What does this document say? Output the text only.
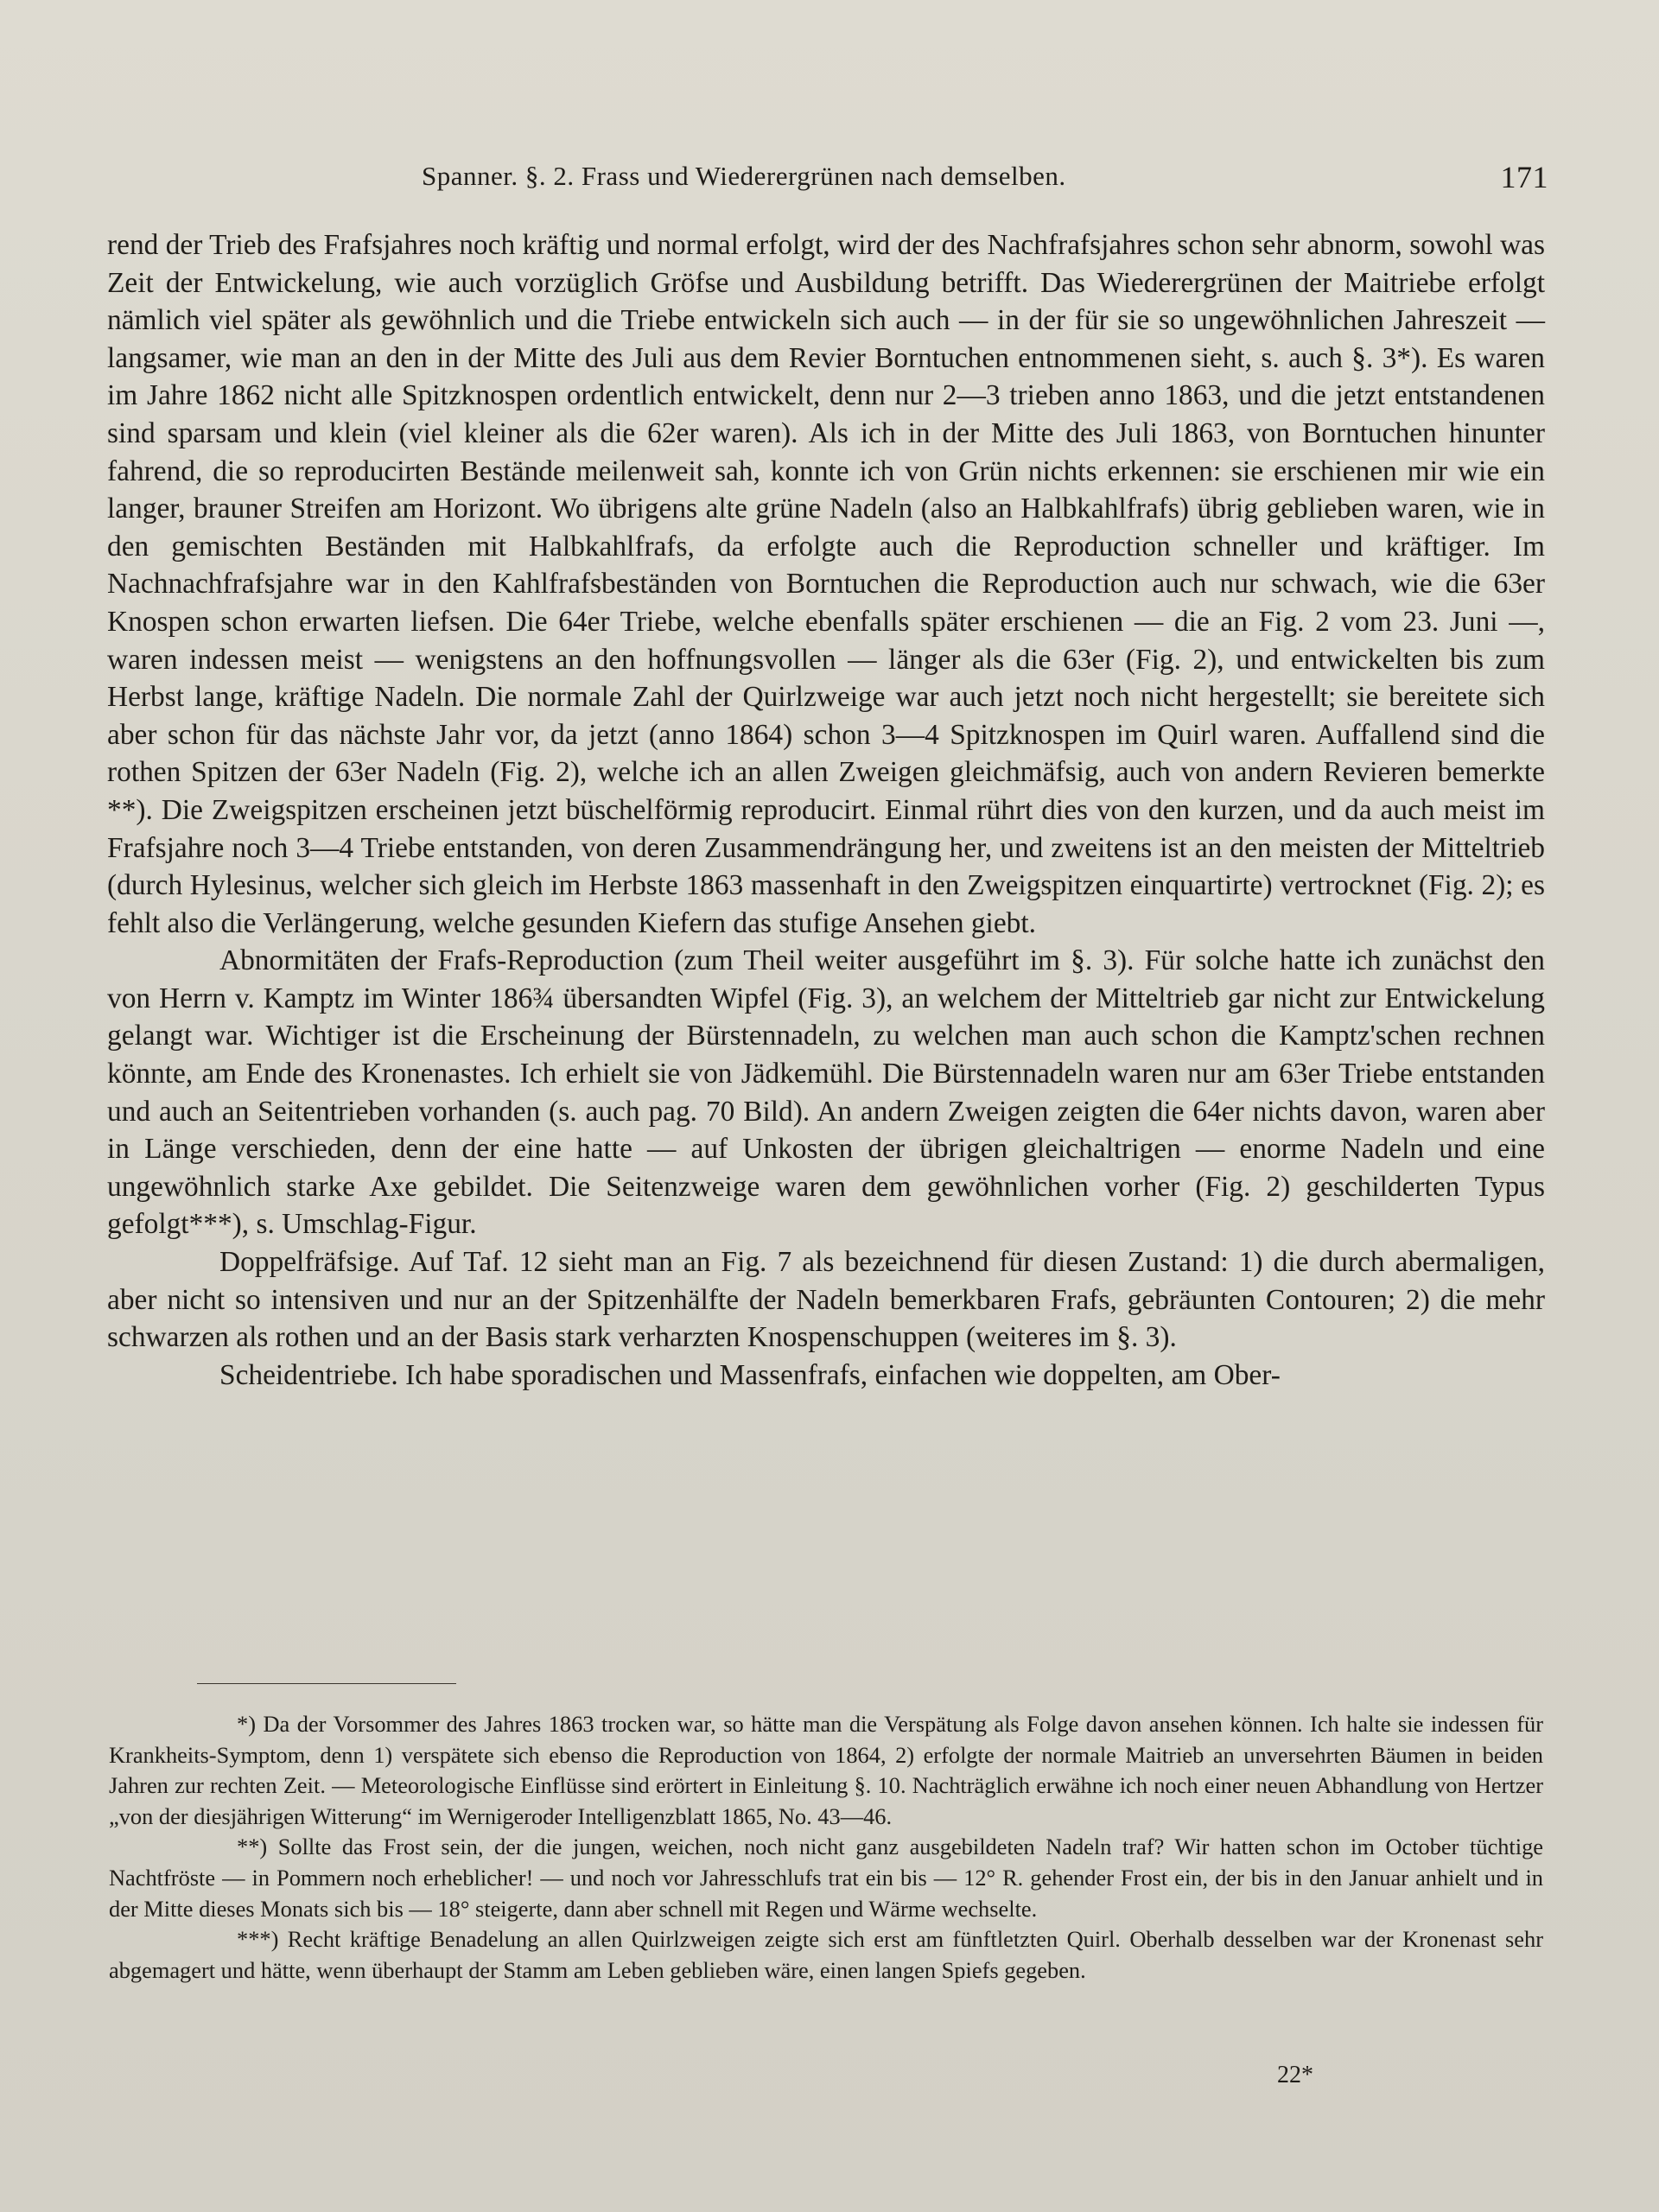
Spanner. §. 2. Frass und Wiederergrünen nach demselben.	171

rend der Trieb des Frafsjahres noch kräftig und normal erfolgt, wird der des Nachfrafsjahres schon sehr abnorm, sowohl was Zeit der Entwickelung, wie auch vorzüglich Gröfse und Ausbildung betrifft. Das Wiederergrünen der Maitriebe erfolgt nämlich viel später als gewöhnlich und die Triebe entwickeln sich auch — in der für sie so ungewöhnlichen Jahreszeit — langsamer, wie man an den in der Mitte des Juli aus dem Revier Borntuchen entnommenen sieht, s. auch §. 3*). Es waren im Jahre 1862 nicht alle Spitzknospen ordentlich entwickelt, denn nur 2—3 trieben anno 1863, und die jetzt entstandenen sind sparsam und klein (viel kleiner als die 62er waren). Als ich in der Mitte des Juli 1863, von Borntuchen hinunter fahrend, die so reproducirten Bestände meilenweit sah, konnte ich von Grün nichts erkennen: sie erschienen mir wie ein langer, brauner Streifen am Horizont. Wo übrigens alte grüne Nadeln (also an Halbkahlfrafs) übrig geblieben waren, wie in den gemischten Beständen mit Halbkahlfrafs, da erfolgte auch die Reproduction schneller und kräftiger. Im Nachnachfrafsjahre war in den Kahlfrafsbeständen von Borntuchen die Reproduction auch nur schwach, wie die 63er Knospen schon erwarten liefsen. Die 64er Triebe, welche ebenfalls später erschienen — die an Fig. 2 vom 23. Juni —, waren indessen meist — wenigstens an den hoffnungsvollen — länger als die 63er (Fig. 2), und entwickelten bis zum Herbst lange, kräftige Nadeln. Die normale Zahl der Quirlzweige war auch jetzt noch nicht hergestellt; sie bereitete sich aber schon für das nächste Jahr vor, da jetzt (anno 1864) schon 3—4 Spitzknospen im Quirl waren. Auffallend sind die rothen Spitzen der 63er Nadeln (Fig. 2), welche ich an allen Zweigen gleichmäfsig, auch von andern Revieren bemerkte **). Die Zweigspitzen erscheinen jetzt büschelförmig reproducirt. Einmal rührt dies von den kurzen, und da auch meist im Frafsjahre noch 3—4 Triebe entstanden, von deren Zusammendrängung her, und zweitens ist an den meisten der Mitteltrieb (durch Hylesinus, welcher sich gleich im Herbste 1863 massenhaft in den Zweigspitzen einquartirte) vertrocknet (Fig. 2); es fehlt also die Verlängerung, welche gesunden Kiefern das stufige Ansehen giebt.

Abnormitäten der Frafs-Reproduction (zum Theil weiter ausgeführt im §. 3). Für solche hatte ich zunächst den von Herrn v. Kamptz im Winter 186¾ übersandten Wipfel (Fig. 3), an welchem der Mitteltrieb gar nicht zur Entwickelung gelangt war. Wichtiger ist die Erscheinung der Bürstennadeln, zu welchen man auch schon die Kamptz'schen rechnen könnte, am Ende des Kronenastes. Ich erhielt sie von Jädkemühl. Die Bürstennadeln waren nur am 63er Triebe entstanden und auch an Seitentrieben vorhanden (s. auch pag. 70 Bild). An andern Zweigen zeigten die 64er nichts davon, waren aber in Länge verschieden, denn der eine hatte — auf Unkosten der übrigen gleichaltrigen — enorme Nadeln und eine ungewöhnlich starke Axe gebildet. Die Seitenzweige waren dem gewöhnlichen vorher (Fig. 2) geschilderten Typus gefolgt***), s. Umschlag-Figur.

Doppelfräfsige. Auf Taf. 12 sieht man an Fig. 7 als bezeichnend für diesen Zustand: 1) die durch abermaligen, aber nicht so intensiven und nur an der Spitzenhälfte der Nadeln bemerkbaren Frafs, gebräunten Contouren; 2) die mehr schwarzen als rothen und an der Basis stark verharzten Knospenschuppen (weiteres im §. 3).

Scheidentriebe. Ich habe sporadischen und Massenfrafs, einfachen wie doppelten, am Ober-

*) Da der Vorsommer des Jahres 1863 trocken war, so hätte man die Verspätung als Folge davon ansehen können. Ich halte sie indessen für Krankheits-Symptom, denn 1) verspätete sich ebenso die Reproduction von 1864, 2) erfolgte der normale Maitrieb an unversehrten Bäumen in beiden Jahren zur rechten Zeit. — Meteorologische Einflüsse sind erörtert in Einleitung §. 10. Nachträglich erwähne ich noch einer neuen Abhandlung von Hertzer „von der diesjährigen Witterung“ im Wernigeroder Intelligenzblatt 1865, No. 43—46.

**) Sollte das Frost sein, der die jungen, weichen, noch nicht ganz ausgebildeten Nadeln traf? Wir hatten schon im October tüchtige Nachtfröste — in Pommern noch erheblicher! — und noch vor Jahresschlufs trat ein bis — 12° R. gehender Frost ein, der bis in den Januar anhielt und in der Mitte dieses Monats sich bis — 18° steigerte, dann aber schnell mit Regen und Wärme wechselte.

***) Recht kräftige Benadelung an allen Quirlzweigen zeigte sich erst am fünftletzten Quirl. Oberhalb desselben war der Kronenast sehr abgemagert und hätte, wenn überhaupt der Stamm am Leben geblieben wäre, einen langen Spiefs gegeben.

22*
